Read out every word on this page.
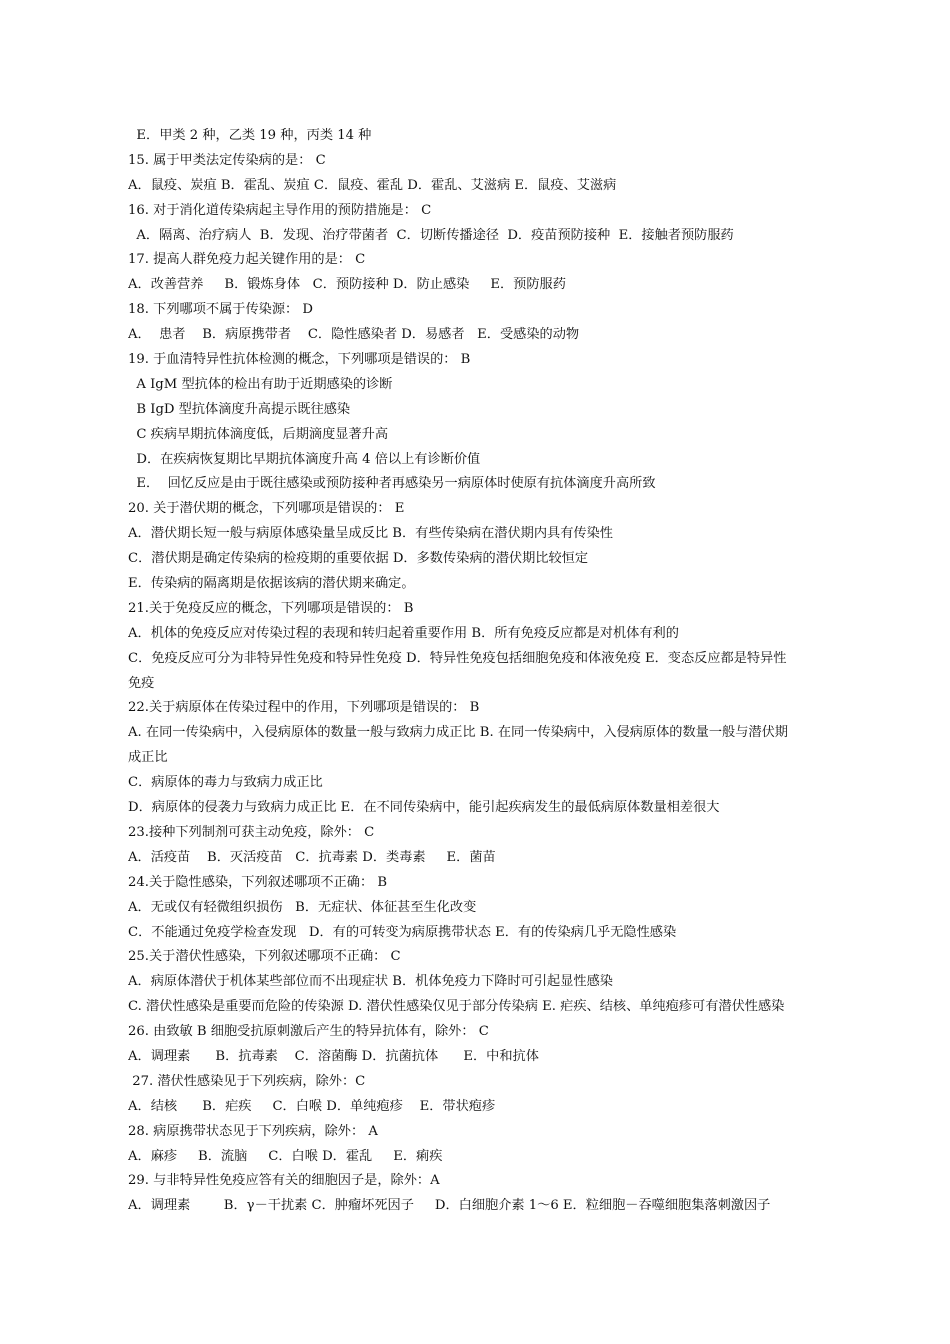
E．甲类 2 种，乙类 19 种，丙类 14 种
15. 属于甲类法定传染病的是： C
A．鼠疫、炭疽 B．霍乱、炭疽 C．鼠疫、霍乱 D．霍乱、艾滋病 E．鼠疫、艾滋病
16. 对于消化道传染病起主导作用的预防措施是： C
A．隔离、治疗病人  B．发现、治疗带菌者  C．切断传播途径  D．疫苗预防接种  E．接触者预防服药
17. 提高人群免疫力起关键作用的是： C
A．改善营养     B．锻炼身体   C．预防接种 D．防止感染     E．预防服药
18. 下列哪项不属于传染源： D
A．  患者    B．病原携带者    C．隐性感染者 D．易感者   E．受感染的动物
19. 于血清特异性抗体检测的概念，下列哪项是错误的： B
A IgM 型抗体的检出有助于近期感染的诊断
B IgD 型抗体滴度升高提示既往感染
C 疾病早期抗体滴度低，后期滴度显著升高
D．在疾病恢复期比早期抗体滴度升高 4 倍以上有诊断价值
E．  回忆反应是由于既往感染或预防接种者再感染另一病原体时使原有抗体滴度升高所致
20. 关于潜伏期的概念，下列哪项是错误的： E
A．潜伏期长短一般与病原体感染量呈成反比 B．有些传染病在潜伏期内具有传染性
C．潜伏期是确定传染病的检疫期的重要依据 D．多数传染病的潜伏期比较恒定
E．传染病的隔离期是依据该病的潜伏期来确定。
21.关于免疫反应的概念，下列哪项是错误的： B
A．机体的免疫反应对传染过程的表现和转归起着重要作用 B．所有免疫反应都是对机体有利的
C．免疫反应可分为非特异性免疫和特异性免疫 D．特异性免疫包括细胞免疫和体液免疫 E．变态反应都是特异性
免疫
22.关于病原体在传染过程中的作用，下列哪项是错误的： B
A. 在同一传染病中，入侵病原体的数量一般与致病力成正比 B. 在同一传染病中，入侵病原体的数量一般与潜伏期
成正比
C．病原体的毒力与致病力成正比
D．病原体的侵袭力与致病力成正比 E．在不同传染病中，能引起疾病发生的最低病原体数量相差很大
23.接种下列制剂可获主动免疫，除外： C
A．活疫苗    B．灭活疫苗   C．抗毒素 D．类毒素     E．菌苗
24.关于隐性感染，下列叙述哪项不正确： B
A．无或仅有轻微组织损伤   B．无症状、体征甚至生化改变
C．不能通过免疫学检查发现   D．有的可转变为病原携带状态 E．有的传染病几乎无隐性感染
25.关于潜伏性感染，下列叙述哪项不正确： C
A．病原体潜伏于机体某些部位而不出现症状 B．机体免疫力下降时可引起显性感染
C. 潜伏性感染是重要而危险的传染源 D. 潜伏性感染仅见于部分传染病 E. 疟疾、结核、单纯疱疹可有潜伏性感染
26. 由致敏 B 细胞受抗原刺激后产生的特异抗体有，除外： C
A．调理素      B．抗毒素    C．溶菌酶 D．抗菌抗体      E．中和抗体
27. 潜伏性感染见于下列疾病，除外：C
A．结核      B．疟疾     C．白喉 D．单纯疱疹    E．带状疱疹
28. 病原携带状态见于下列疾病，除外： A
A．麻疹     B．流脑     C．白喉 D．霍乱     E．痢疾
29. 与非特异性免疫应答有关的细胞因子是，除外：A
A．调理素        B．γ－干扰素 C．肿瘤坏死因子     D．白细胞介素 1～6 E．粒细胞－吞噬细胞集落刺激因子
